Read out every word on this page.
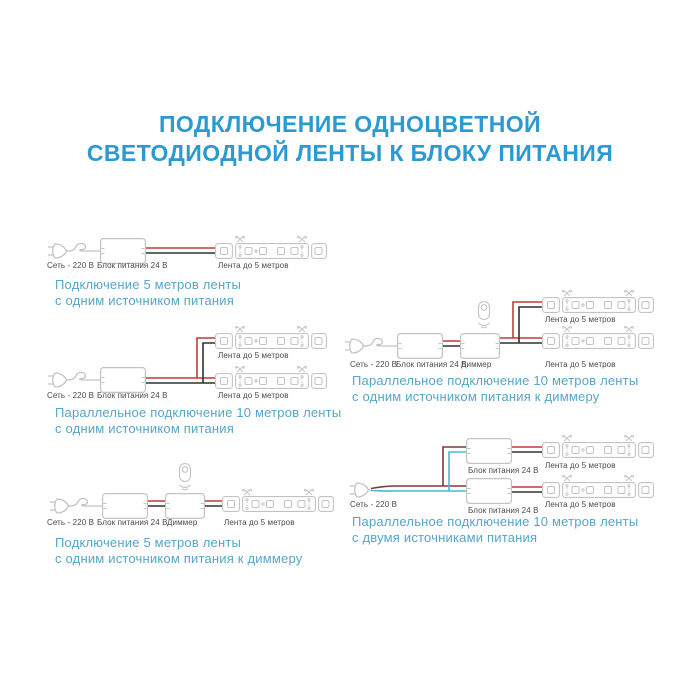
ПОДКЛЮЧЕНИЕ ОДНОЦВЕТНОЙ
СВЕТОДИОДНОЙ ЛЕНТЫ К БЛОКУ ПИТАНИЯ
Сеть - 220 В Блок питания 24 В	Лента до 5 метров
Подключение 5 метров ленты
с одним источником питания
Лента до 5 метров
Сеть - 220 В Блок питания 24 В	Лента до 5 метров
Параллельное подключение 10 метров ленты
с одним источником питания
Сеть - 220 В Блок питания 24 В Диммер	Лента до 5 метров
Подключение 5 метров ленты
с одним источником питания к диммеру
Лента до 5 метров
Сеть - 220 В
Блок питания 24 В
Диммер	Лента до 5 метров
Параллельное подключение 10 метров ленты
с одним источником питания к диммеру
Лента до 5 метров
Блок питания 24 В
Сеть - 220 В	Лента до 5 метров
Блок питания 24 В
Параллельное подключение 10 метров ленты
с двумя источниками питания
